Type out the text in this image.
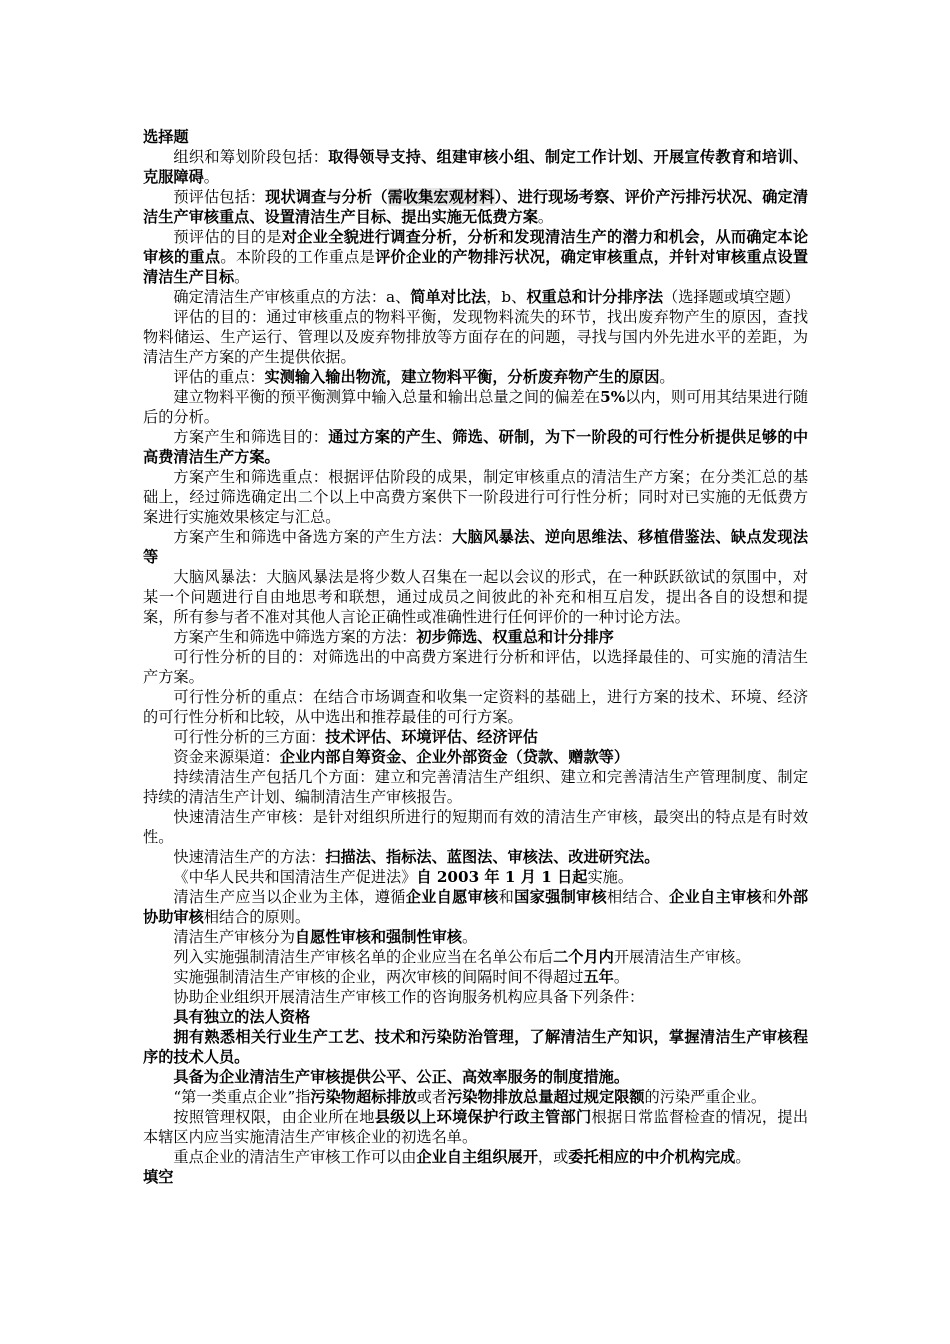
选择题

组织和筹划阶段包括：取得领导支持、组建审核小组、制定工作计划、开展宣传教育和培训、克服障碍。

预评估包括：现状调查与分析（需收集宏观材料）、进行现场考察、评价产污排污状况、确定清洁生产审核重点、设置清洁生产目标、提出实施无低费方案。

预评估的目的是对企业全貌进行调查分析，分析和发现清洁生产的潜力和机会，从而确定本论审核的重点。本阶段的工作重点是评价企业的产物排污状况，确定审核重点，并针对审核重点设置清洁生产目标。

确定清洁生产审核重点的方法：a、简单对比法，b、权重总和计分排序法（选择题或填空题）

评估的目的：通过审核重点的物料平衡，发现物料流失的环节，找出废弃物产生的原因，查找物料储运、生产运行、管理以及废弃物排放等方面存在的问题，寻找与国内外先进水平的差距，为清洁生产方案的产生提供依据。

评估的重点：实测输入输出物流，建立物料平衡，分析废弃物产生的原因。

建立物料平衡的预平衡测算中输入总量和输出总量之间的偏差在5%以内，则可用其结果进行随后的分析。

方案产生和筛选目的：通过方案的产生、筛选、研制，为下一阶段的可行性分析提供足够的中高费清洁生产方案。

方案产生和筛选重点：根据评估阶段的成果，制定审核重点的清洁生产方案；在分类汇总的基础上，经过筛选确定出二个以上中高费方案供下一阶段进行可行性分析；同时对已实施的无低费方案进行实施效果核定与汇总。

方案产生和筛选中备选方案的产生方法：大脑风暴法、逆向思维法、移植借鉴法、缺点发现法等

大脑风暴法：大脑风暴法是将少数人召集在一起以会议的形式，在一种跃跃欲试的氛围中，对某一个问题进行自由地思考和联想，通过成员之间彼此的补充和相互启发，提出各自的设想和提案，所有参与者不准对其他人言论正确性或准确性进行任何评价的一种讨论方法。

方案产生和筛选中筛选方案的方法：初步筛选、权重总和计分排序

可行性分析的目的：对筛选出的中高费方案进行分析和评估，以选择最佳的、可实施的清洁生产方案。

可行性分析的重点：在结合市场调查和收集一定资料的基础上，进行方案的技术、环境、经济的可行性分析和比较，从中选出和推荐最佳的可行方案。

可行性分析的三方面：技术评估、环境评估、经济评估

资金来源渠道：企业内部自筹资金、企业外部资金（贷款、赠款等）

持续清洁生产包括几个方面：建立和完善清洁生产组织、建立和完善清洁生产管理制度、制定持续的清洁生产计划、编制清洁生产审核报告。

快速清洁生产审核：是针对组织所进行的短期而有效的清洁生产审核，最突出的特点是有时效性。

快速清洁生产的方法：扫描法、指标法、蓝图法、审核法、改进研究法。

《中华人民共和国清洁生产促进法》自 2003 年 1 月 1 日起实施。

清洁生产应当以企业为主体，遵循企业自愿审核和国家强制审核相结合、企业自主审核和外部协助审核相结合的原则。

清洁生产审核分为自愿性审核和强制性审核。

列入实施强制清洁生产审核名单的企业应当在名单公布后二个月内开展清洁生产审核。

实施强制清洁生产审核的企业，两次审核的间隔时间不得超过五年。

协助企业组织开展清洁生产审核工作的咨询服务机构应具备下列条件：

具有独立的法人资格

拥有熟悉相关行业生产工艺、技术和污染防治管理，了解清洁生产知识，掌握清洁生产审核程序的技术人员。

具备为企业清洁生产审核提供公平、公正、高效率服务的制度措施。

“第一类重点企业”指污染物超标排放或者污染物排放总量超过规定限额的污染严重企业。

按照管理权限，由企业所在地县级以上环境保护行政主管部门根据日常监督检查的情况，提出本辖区内应当实施清洁生产审核企业的初选名单。

重点企业的清洁生产审核工作可以由企业自主组织展开，或委托相应的中介机构完成。

填空
